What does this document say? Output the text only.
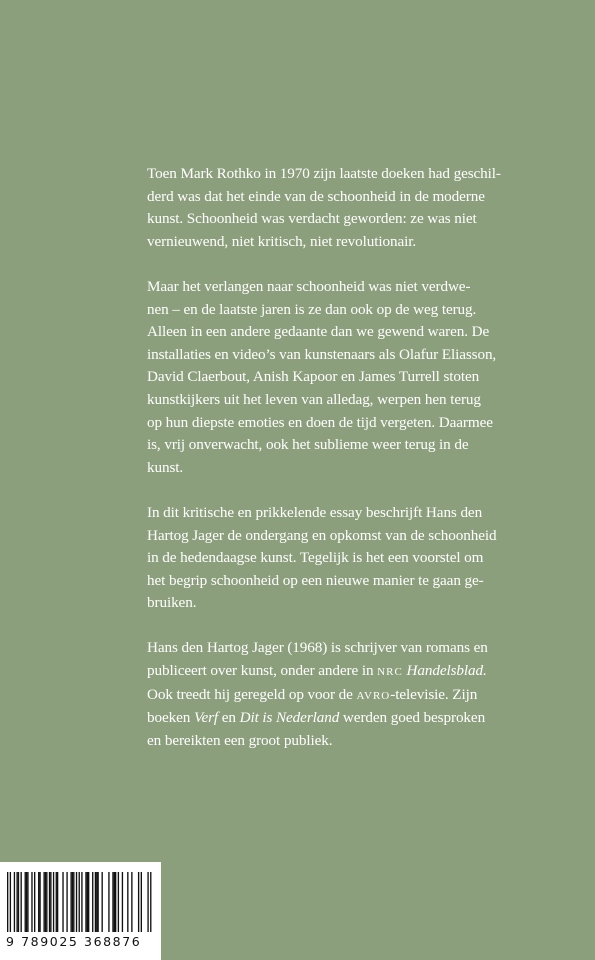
Toen Mark Rothko in 1970 zijn laatste doeken had geschil-
derd was dat het einde van de schoonheid in de moderne
kunst. Schoonheid was verdacht geworden: ze was niet
vernieuwend, niet kritisch, niet revolutionair.

Maar het verlangen naar schoonheid was niet verdwe-
nen – en de laatste jaren is ze dan ook op de weg terug.
Alleen in een andere gedaante dan we gewend waren. De
installaties en video’s van kunstenaars als Olafur Eliasson,
David Claerbout, Anish Kapoor en James Turrell stoten
kunstkijkers uit het leven van alledag, werpen hen terug
op hun diepste emoties en doen de tijd vergeten. Daarmee
is, vrij onverwacht, ook het sublieme weer terug in de
kunst.

In dit kritische en prikkelende essay beschrijft Hans den
Hartog Jager de ondergang en opkomst van de schoonheid
in de hedendaagse kunst. Tegelijk is het een voorstel om
het begrip schoonheid op een nieuwe manier te gaan ge-
bruiken.

Hans den Hartog Jager (1968) is schrijver van romans en
publiceert over kunst, onder andere in NRC Handelsblad.
Ook treedt hij geregeld op voor de AVRO-televisie. Zijn
boeken Verf en Dit is Nederland werden goed besproken
en bereikten een groot publiek.

9 789025 368876
